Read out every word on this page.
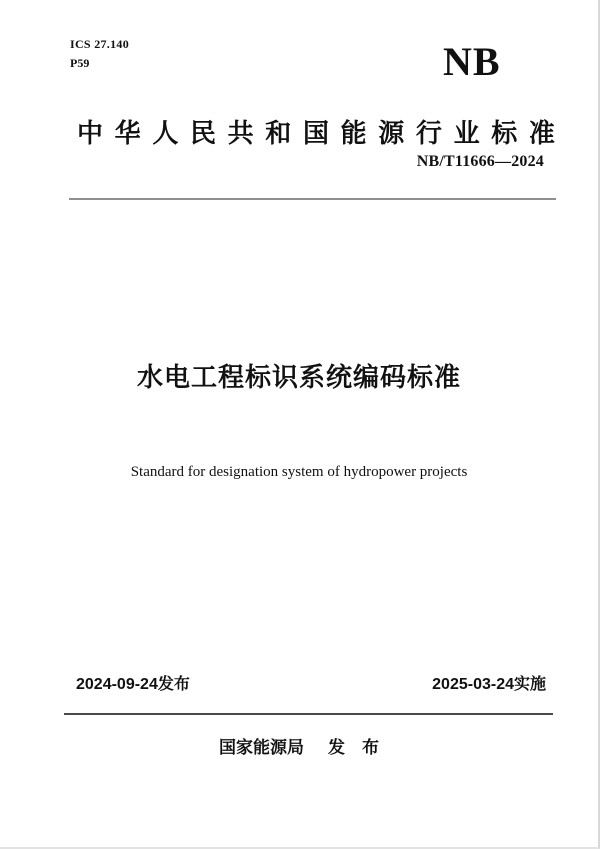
ICS 27.140
P59	NB
中 华 人 民 共 和 国 能 源 行 业 标 准
NB/T11666—2024
水电工程标识系统编码标准
Standard for designation system of hydropower projects
2024-09-24发布	2025-03-24实施
国家能源局 发　布
